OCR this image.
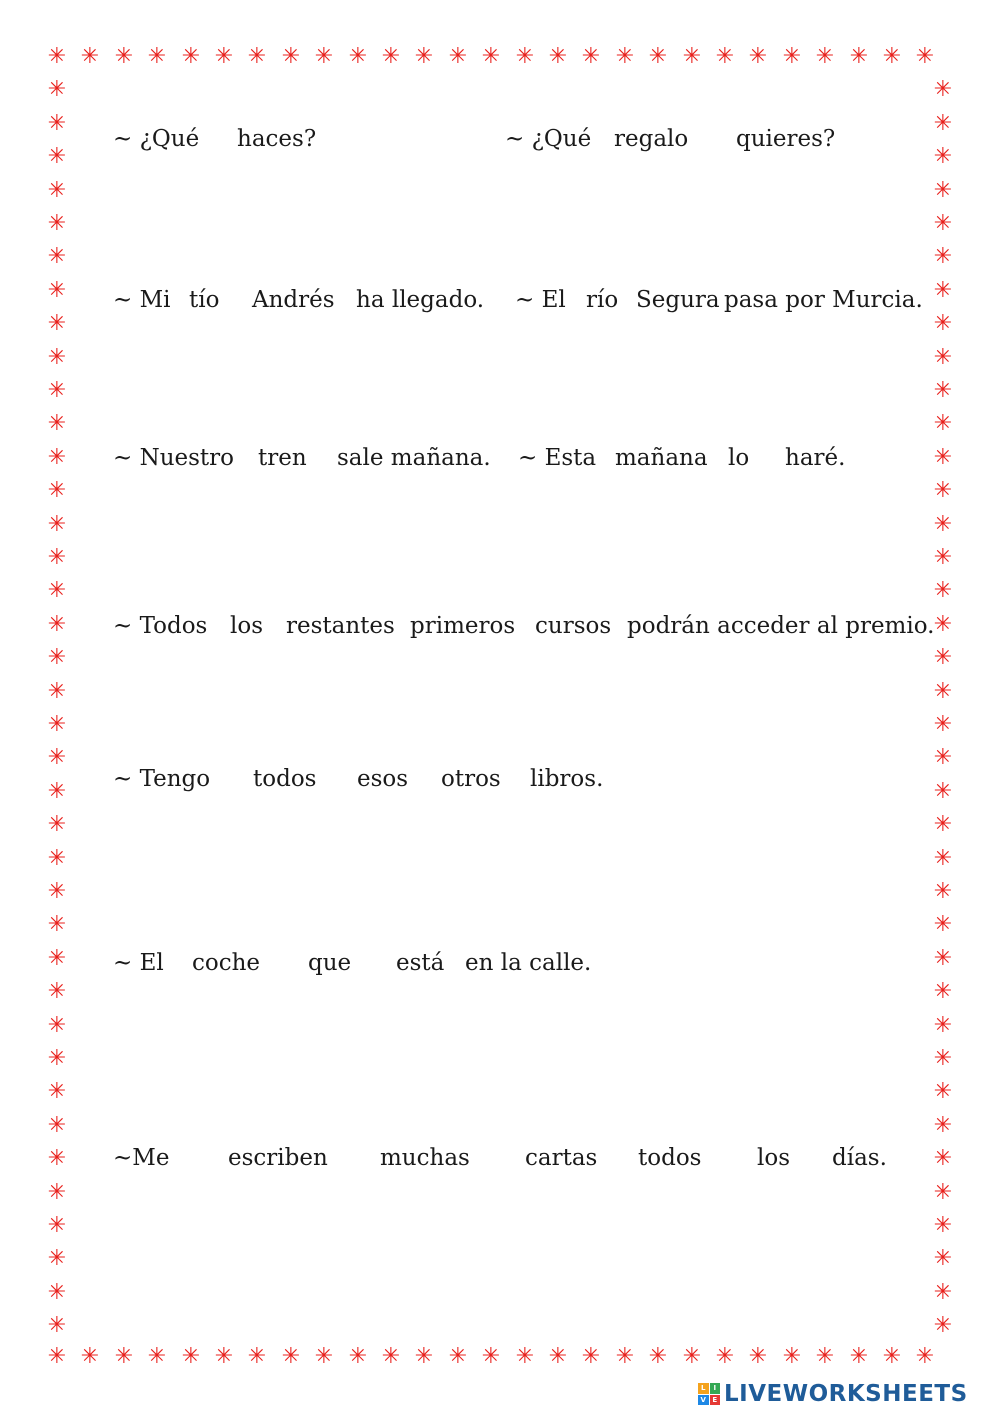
✳
✳
✳
✳
✳
✳
✳
✳
✳
✳
✳
✳
✳
✳
✳
✳
✳
✳
✳
✳
✳
✳
✳
✳
✳
✳
✳
✳
✳
✳
✳
✳
✳
✳
✳
✳
✳
✳
✳
✳
✳
✳
✳
✳
✳
✳
✳
✳
✳
✳
✳
✳
✳
✳
✳	✳
✳	✳
✳	✳
✳	✳
✳	✳
✳	✳
✳	✳
✳	✳
✳	✳
✳	✳
✳	✳
✳	✳
✳	✳
✳	✳
✳	✳
✳	✳
✳	✳
✳	✳
✳	✳
✳	✳
✳	✳
✳	✳
✳	✳
✳	✳
✳	✳
✳	✳
✳	✳
✳	✳
✳	✳
✳	✳
✳	✳
✳	✳
✳	✳
✳	✳
✳	✳
✳	✳
✳	✳
✳	✳
~ ¿Qué haces?	~ ¿Qué regalo quieres?
~ Mi tío Andrés ha llegado. ~ El río Segura pasa por Murcia.
~ Nuestro tren sale mañana. ~ Esta mañana lo haré.
~ Todos los restantes primeros cursos podrán acceder al premio.
~ Tengo todos esos otros libros.
~ El coche que está en la calle.
~Me	escriben muchas cartas todos los días.
L	I
V E LIVEWORKSHEETS
